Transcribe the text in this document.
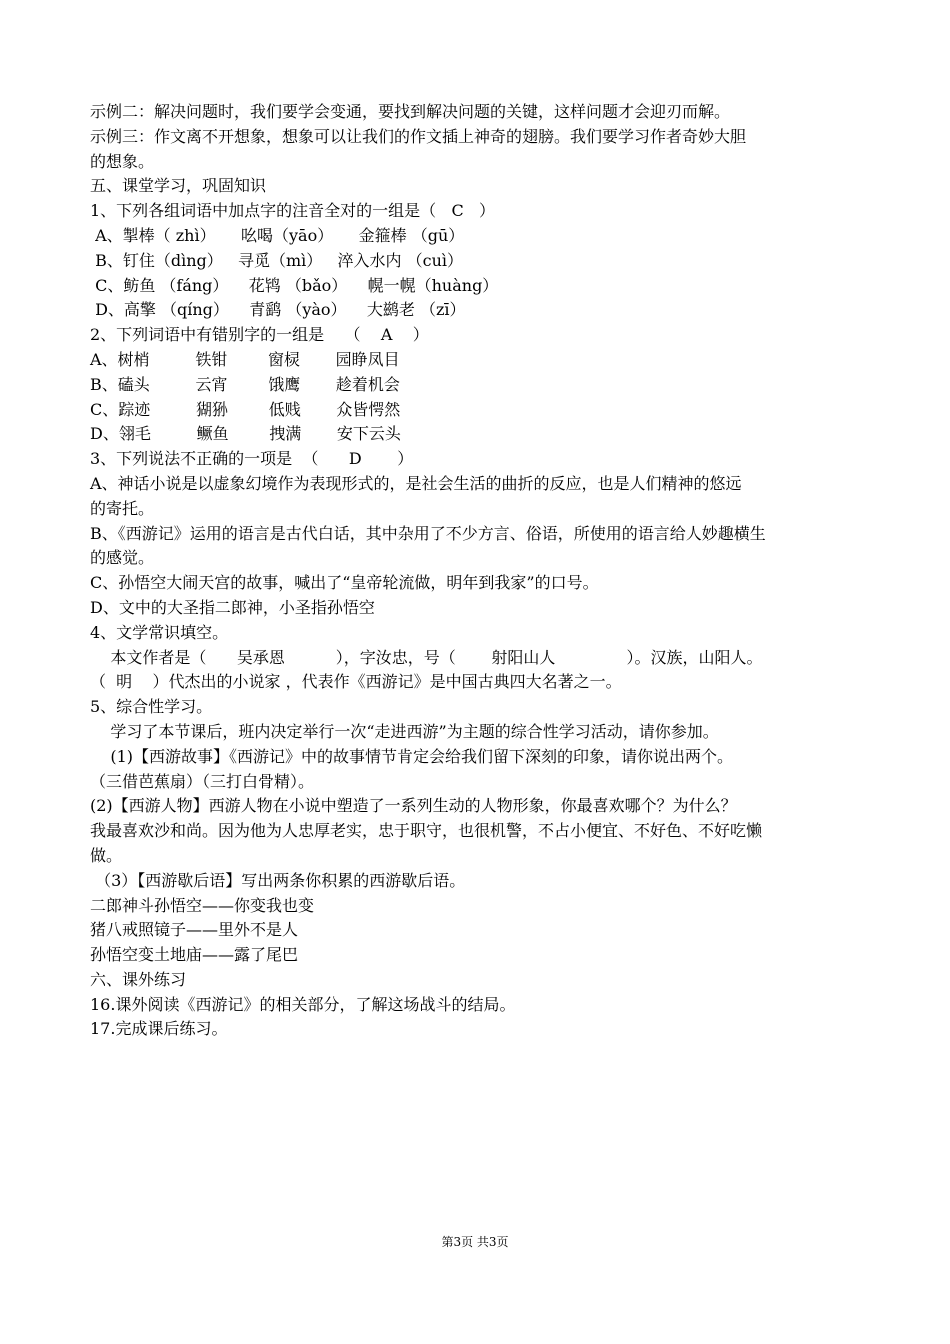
示例二：解决问题时，我们要学会变通，要找到解决问题的关键，这样问题才会迎刃而解。
示例三：作文离不开想象，想象可以让我们的作文插上神奇的翅膀。我们要学习作者奇妙大胆
的想象。
五、课堂学习，巩固知识
1、下列各组词语中加点字的注音全对的一组是（   C   ）
A、掣棒（ zhì）     吆喝（yāo）     金箍棒 （gū）
B、钉住（dìng）   寻觅（mì）   淬入水内 （cuì）
C、鲂鱼 （fáng）    花鸨 （bǎo）    幌一幌（huàng）
D、高擎 （qíng）    青鹞 （yào）    大鹚老 （zī）
2、下列词语中有错别字的一组是    （    A    ）
A、树梢         铁钳        窗棂       园睁凤目
B、磕头         云宵        饿鹰       趁着机会
C、踪迹         猢狲        低贱       众皆愕然
D、翎毛         鳜鱼        拽满       安下云头
3、下列说法不正确的一项是  （      D       ）
A、神话小说是以虚象幻境作为表现形式的，是社会生活的曲折的反应，也是人们精神的悠远
的寄托。
B、《西游记》运用的语言是古代白话，其中杂用了不少方言、俗语，所使用的语言给人妙趣横生
的感觉。
C、孙悟空大闹天宫的故事，喊出了“皇帝轮流做，明年到我家”的口号。
D、文中的大圣指二郎神，小圣指孙悟空
4、文学常识填空。
本文作者是（      吴承恩          ），字汝忠，号（       射阳山人              ）。汉族，山阳人。
（  明    ）代杰出的小说家 ，代表作《西游记》是中国古典四大名著之一。
5、综合性学习。
学习了本节课后，班内决定举行一次“走进西游”为主题的综合性学习活动，请你参加。
(1)【西游故事】《西游记》中的故事情节肯定会给我们留下深刻的印象，请你说出两个。
（三借芭蕉扇）（三打白骨精）。
(2)【西游人物】西游人物在小说中塑造了一系列生动的人物形象，你最喜欢哪个？为什么？
我最喜欢沙和尚。因为他为人忠厚老实，忠于职守，也很机警，不占小便宜、不好色、不好吃懒
做。
（3）【西游歇后语】写出两条你积累的西游歇后语。
二郎神斗孙悟空——你变我也变
猪八戒照镜子——里外不是人
孙悟空变土地庙——露了尾巴
六、课外练习
16.课外阅读《西游记》的相关部分，了解这场战斗的结局。
17.完成课后练习。
第3页 共3页
